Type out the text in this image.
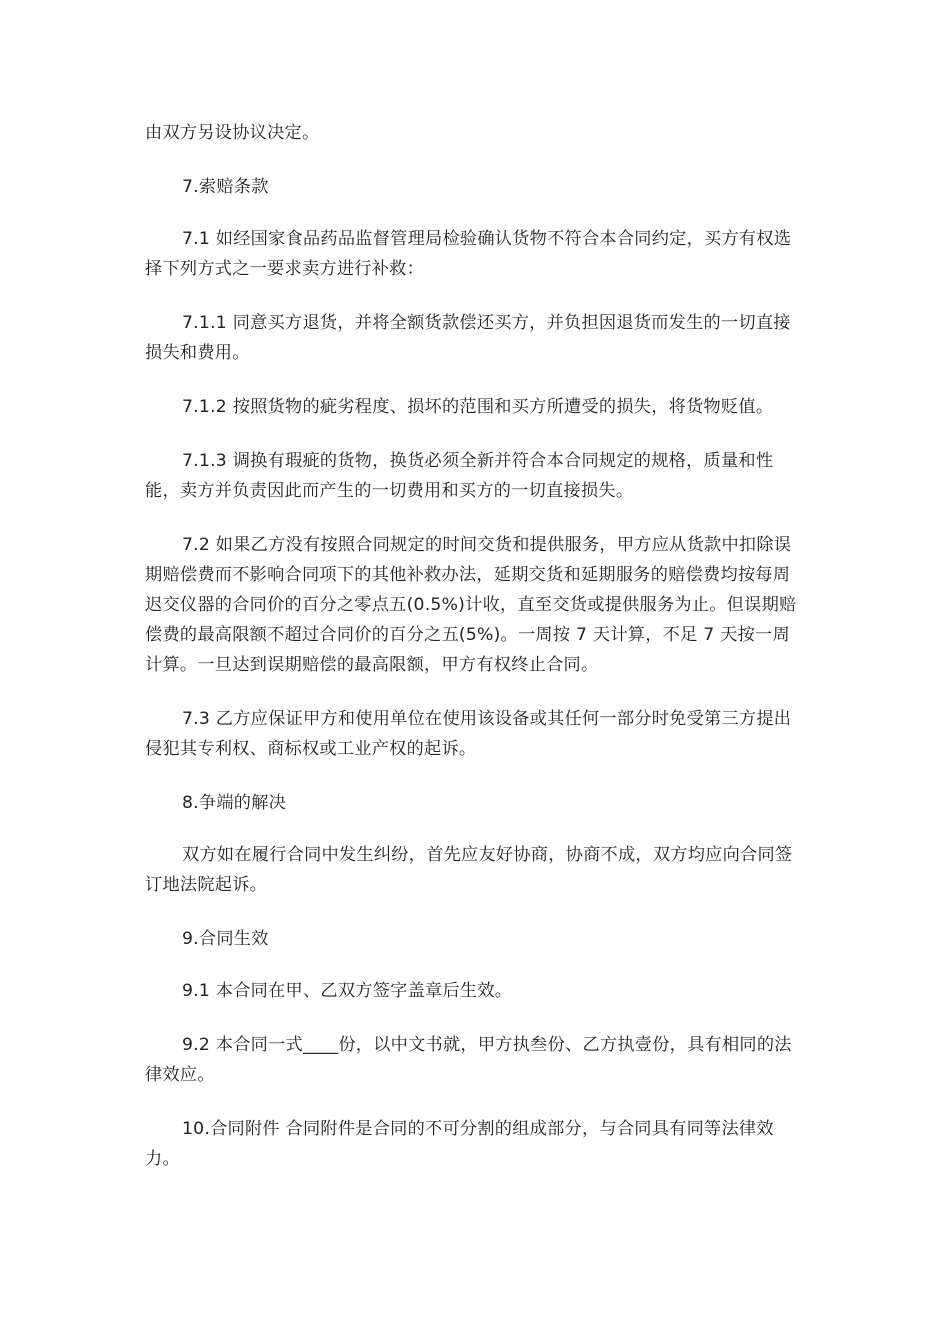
由双方另设协议决定。

7.索赔条款

7.1 如经国家食品药品监督管理局检验确认货物不符合本合同约定，买方有权选择下列方式之一要求卖方进行补救：

7.1.1 同意买方退货，并将全额货款偿还买方，并负担因退货而发生的一切直接损失和费用。

7.1.2 按照货物的疵劣程度、损坏的范围和买方所遭受的损失，将货物贬值。

7.1.3 调换有瑕疵的货物，换货必须全新并符合本合同规定的规格，质量和性能，卖方并负责因此而产生的一切费用和买方的一切直接损失。

7.2 如果乙方没有按照合同规定的时间交货和提供服务，甲方应从货款中扣除误期赔偿费而不影响合同项下的其他补救办法，延期交货和延期服务的赔偿费均按每周迟交仪器的合同价的百分之零点五(0.5%)计收，直至交货或提供服务为止。但误期赔偿费的最高限额不超过合同价的百分之五(5%)。一周按 7 天计算，不足 7 天按一周计算。一旦达到误期赔偿的最高限额，甲方有权终止合同。

7.3 乙方应保证甲方和使用单位在使用该设备或其任何一部分时免受第三方提出侵犯其专利权、商标权或工业产权的起诉。

8.争端的解决

双方如在履行合同中发生纠纷，首先应友好协商，协商不成，双方均应向合同签订地法院起诉。

9.合同生效

9.1 本合同在甲、乙双方签字盖章后生效。

9.2 本合同一式____份，以中文书就，甲方执叁份、乙方执壹份，具有相同的法律效应。

10.合同附件 合同附件是合同的不可分割的组成部分，与合同具有同等法律效力。
